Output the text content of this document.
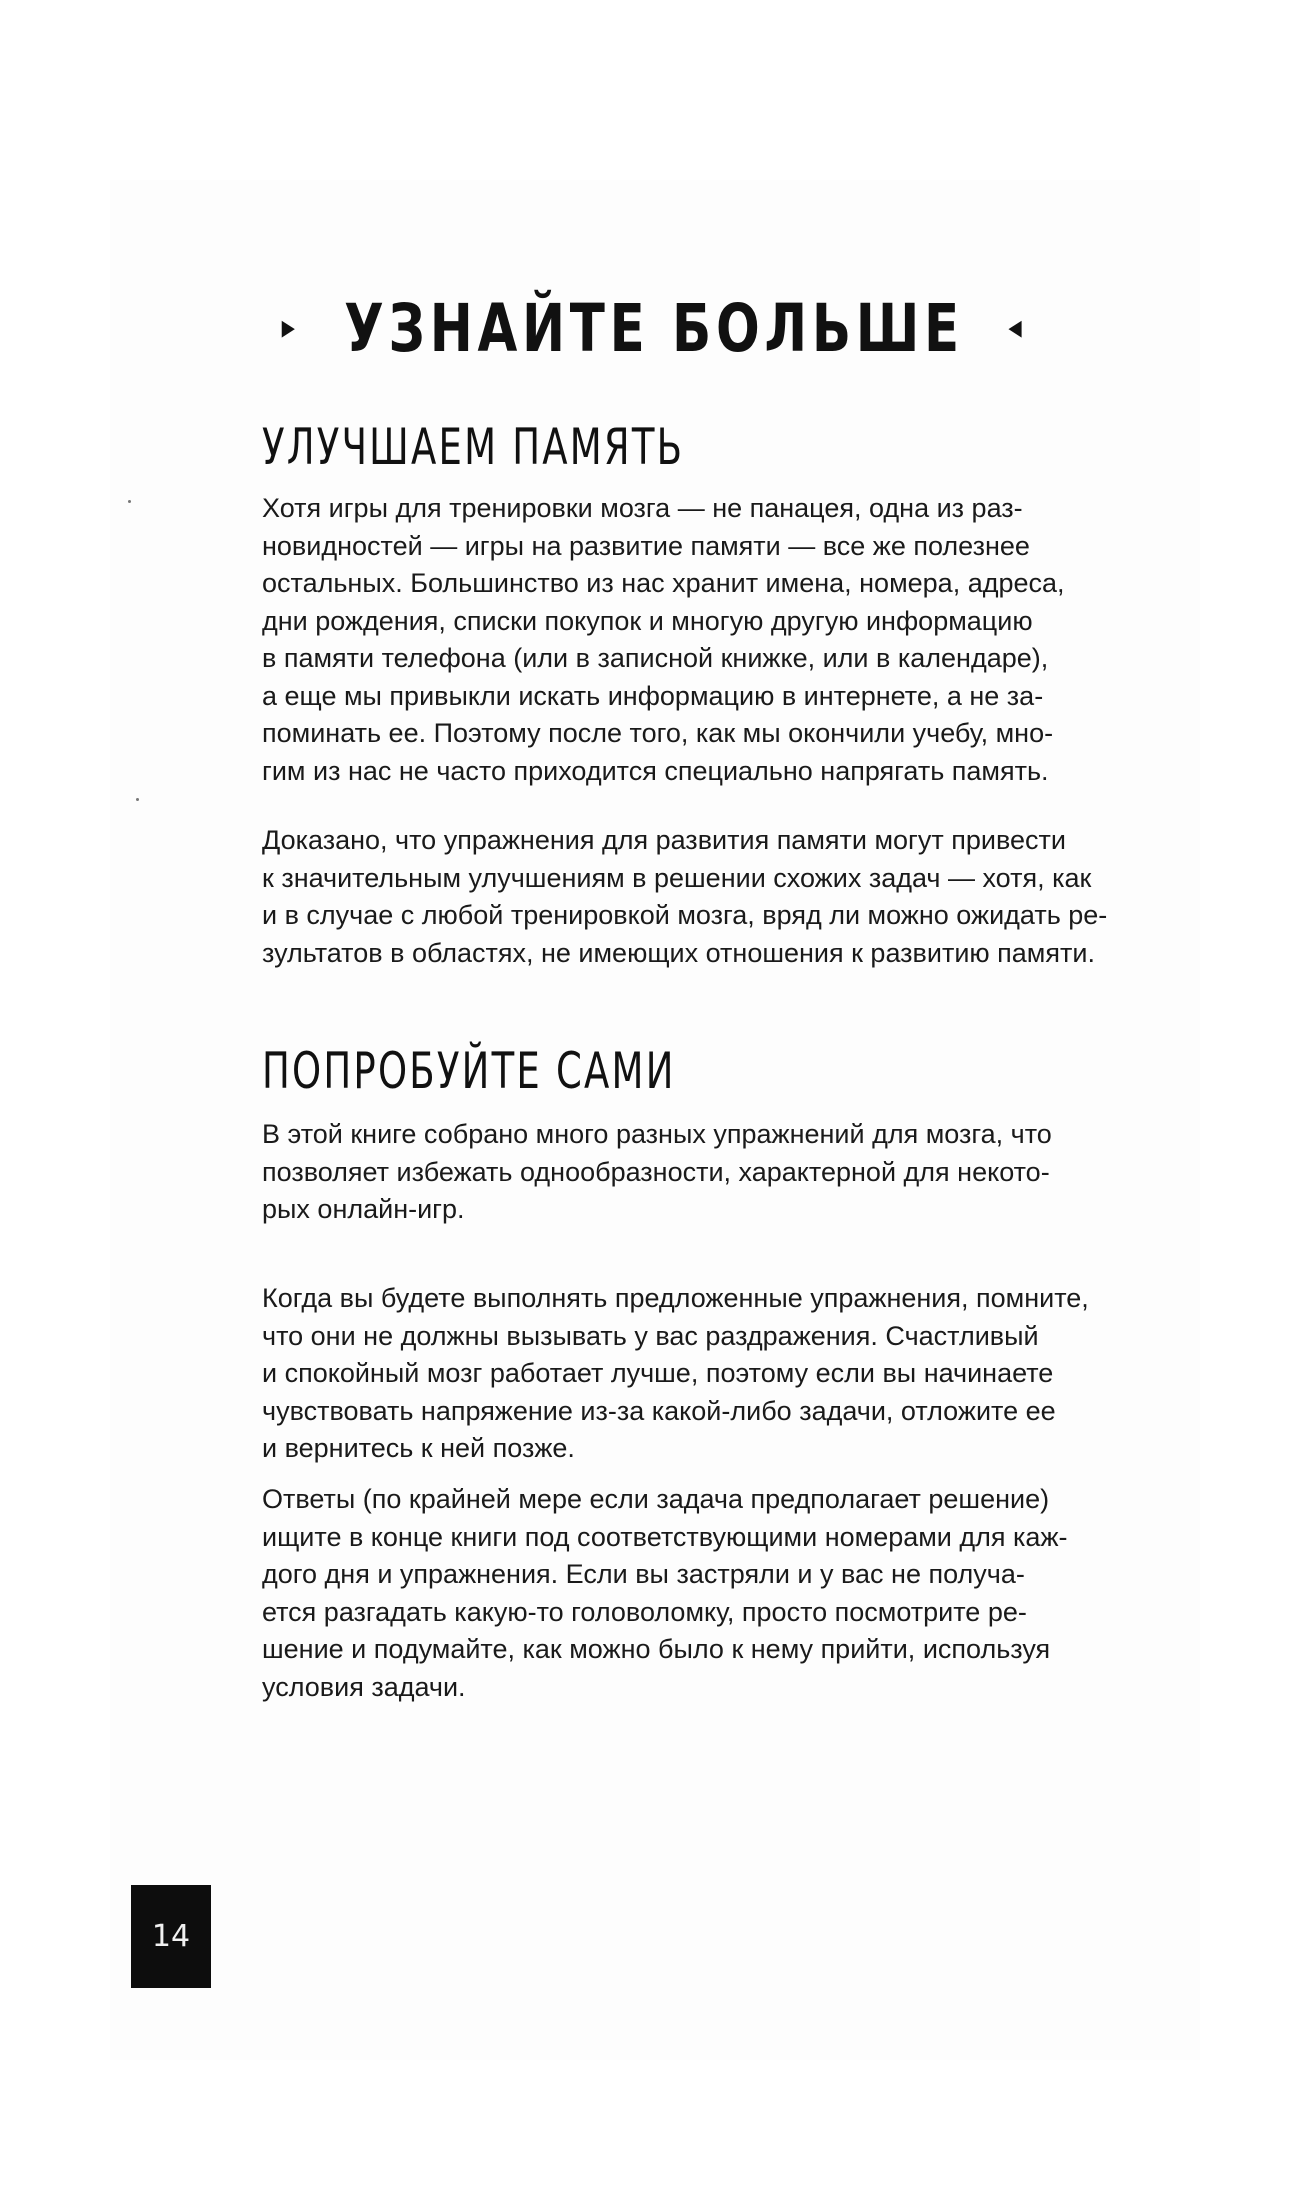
▸ УЗНАЙТЕ БОЛЬШЕ ◂
УЛУЧШАЕМ ПАМЯТЬ
Хотя игры для тренировки мозга — не панацея, одна из раз-
новидностей — игры на развитие памяти — все же полезнее
остальных. Большинство из нас хранит имена, номера, адреса,
дни рождения, списки покупок и многую другую информацию
в памяти телефона (или в записной книжке, или в календаре),
а еще мы привыкли искать информацию в интернете, а не за-
поминать ее. Поэтому после того, как мы окончили учебу, мно-
гим из нас не часто приходится специально напрягать память.
Доказано, что упражнения для развития памяти могут привести
к значительным улучшениям в решении схожих задач — хотя, как
и в случае с любой тренировкой мозга, вряд ли можно ожидать ре-
зультатов в областях, не имеющих отношения к развитию памяти.
ПОПРОБУЙТЕ САМИ
В этой книге собрано много разных упражнений для мозга, что
позволяет избежать однообразности, характерной для некото-
рых онлайн-игр.
Когда вы будете выполнять предложенные упражнения, помните,
что они не должны вызывать у вас раздражения. Счастливый
и спокойный мозг работает лучше, поэтому если вы начинаете
чувствовать напряжение из-за какой-либо задачи, отложите ее
и вернитесь к ней позже.
Ответы (по крайней мере если задача предполагает решение)
ищите в конце книги под соответствующими номерами для каж-
дого дня и упражнения. Если вы застряли и у вас не получа-
ется разгадать какую-то головоломку, просто посмотрите ре-
шение и подумайте, как можно было к нему прийти, используя
условия задачи.
14
